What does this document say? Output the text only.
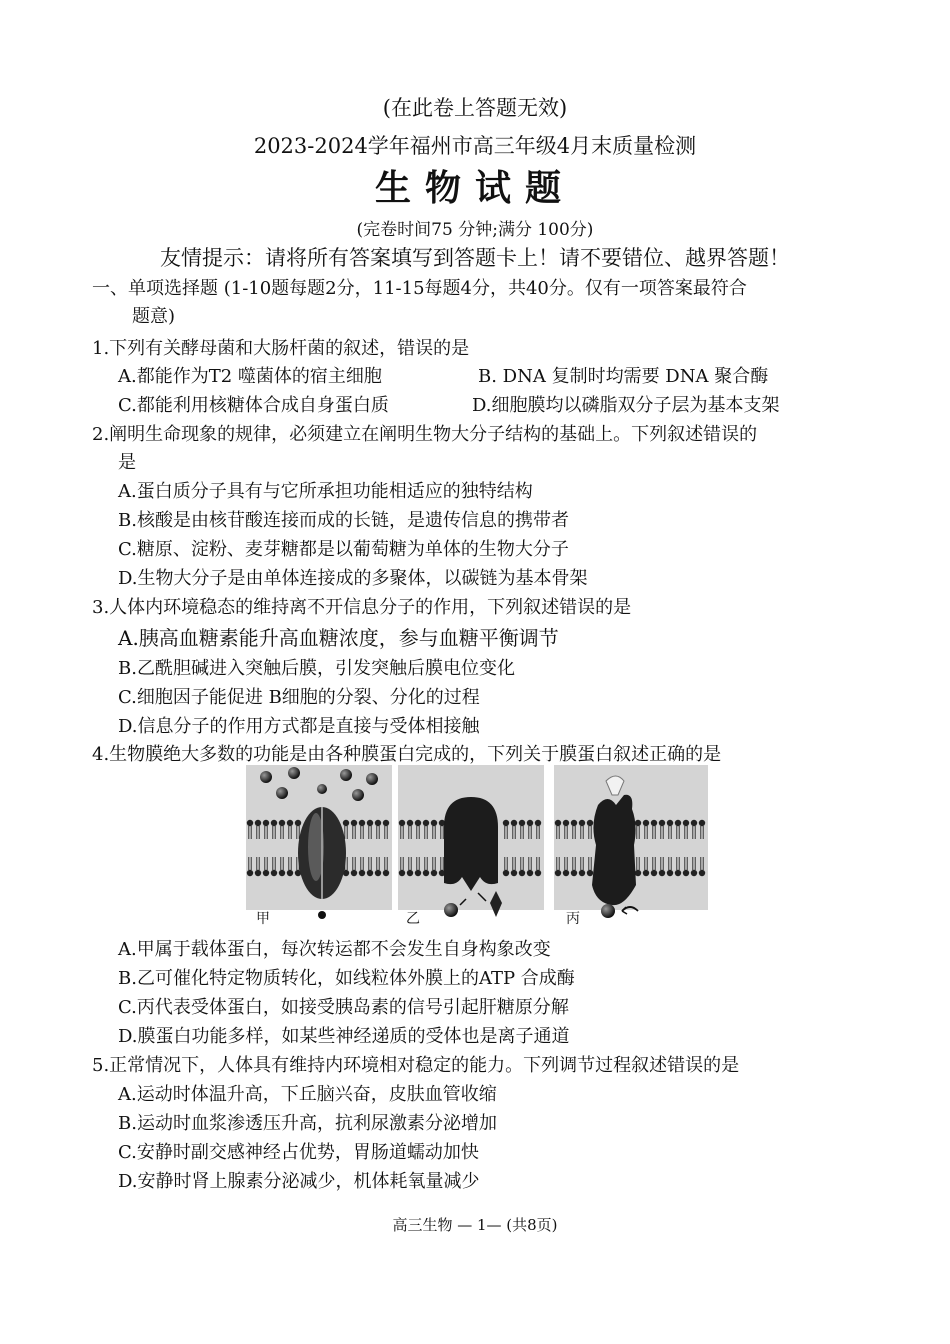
(在此卷上答题无效)
2023-2024学年福州市高三年级4月末质量检测
生物试题
(完卷时间75 分钟;满分 100分)
友情提示：请将所有答案填写到答题卡上！请不要错位、越界答题！
一、单项选择题 (1-10题每题2分，11-15每题4分，共40分。仅有一项答案最符合
题意)
1.下列有关酵母菌和大肠杆菌的叙述，错误的是
A.都能作为T2 噬菌体的宿主细胞	B. DNA 复制时均需要 DNA 聚合酶
C.都能利用核糖体合成自身蛋白质	D.细胞膜均以磷脂双分子层为基本支架
2.阐明生命现象的规律，必须建立在阐明生物大分子结构的基础上。下列叙述错误的
是
A.蛋白质分子具有与它所承担功能相适应的独特结构
B.核酸是由核苷酸连接而成的长链，是遗传信息的携带者
C.糖原、淀粉、麦芽糖都是以葡萄糖为单体的生物大分子
D.生物大分子是由单体连接成的多聚体，以碳链为基本骨架
3.人体内环境稳态的维持离不开信息分子的作用，下列叙述错误的是
A.胰高血糖素能升高血糖浓度，参与血糖平衡调节
B.乙酰胆碱进入突触后膜，引发突触后膜电位变化
C.细胞因子能促进 B细胞的分裂、分化的过程
D.信息分子的作用方式都是直接与受体相接触
4.生物膜绝大多数的功能是由各种膜蛋白完成的，下列关于膜蛋白叙述正确的是
甲	乙	丙
A.甲属于载体蛋白，每次转运都不会发生自身构象改变
B.乙可催化特定物质转化，如线粒体外膜上的ATP 合成酶
C.丙代表受体蛋白，如接受胰岛素的信号引起肝糖原分解
D.膜蛋白功能多样，如某些神经递质的受体也是离子通道
5.正常情况下，人体具有维持内环境相对稳定的能力。下列调节过程叙述错误的是
A.运动时体温升高，下丘脑兴奋，皮肤血管收缩
B.运动时血浆渗透压升高，抗利尿激素分泌增加
C.安静时副交感神经占优势，胃肠道蠕动加快
D.安静时肾上腺素分泌减少，机体耗氧量减少
高三生物 — 1— (共8页)
